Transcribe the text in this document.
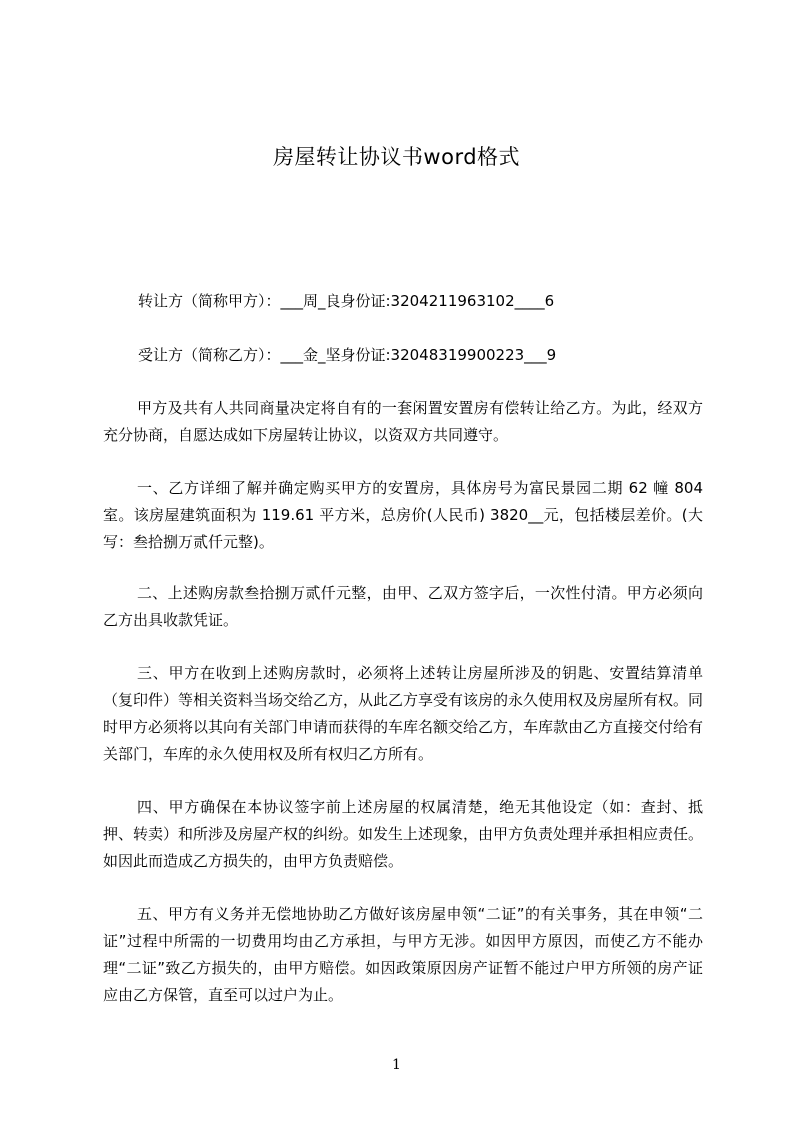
房屋转让协议书word格式
转让方（简称甲方）：___周_良身份证:3204211963102____6
受让方（简称乙方）：___金_坚身份证:32048319900223___9

甲方及共有人共同商量决定将自有的一套闲置安置房有偿转让给乙方。为此，经双方充分协商，自愿达成如下房屋转让协议，以资双方共同遵守。

一、乙方详细了解并确定购买甲方的安置房，具体房号为富民景园二期 62 幢 804 室。该房屋建筑面积为 119.61 平方米，总房价(人民币) 3820__元，包括楼层差价。(大写：叁拾捌万贰仟元整)。

二、上述购房款叁拾捌万贰仟元整，由甲、乙双方签字后，一次性付清。甲方必须向乙方出具收款凭证。

三、甲方在收到上述购房款时，必须将上述转让房屋所涉及的钥匙、安置结算清单（复印件）等相关资料当场交给乙方，从此乙方享受有该房的永久使用权及房屋所有权。同时甲方必须将以其向有关部门申请而获得的车库名额交给乙方，车库款由乙方直接交付给有关部门，车库的永久使用权及所有权归乙方所有。

四、甲方确保在本协议签字前上述房屋的权属清楚，绝无其他设定（如：查封、抵押、转卖）和所涉及房屋产权的纠纷。如发生上述现象，由甲方负责处理并承担相应责任。如因此而造成乙方损失的，由甲方负责赔偿。

五、甲方有义务并无偿地协助乙方做好该房屋申领“二证”的有关事务，其在申领“二证”过程中所需的一切费用均由乙方承担，与甲方无涉。如因甲方原因，而使乙方不能办理“二证”致乙方损失的，由甲方赔偿。如因政策原因房产证暂不能过户甲方所领的房产证应由乙方保管，直至可以过户为止。

1
